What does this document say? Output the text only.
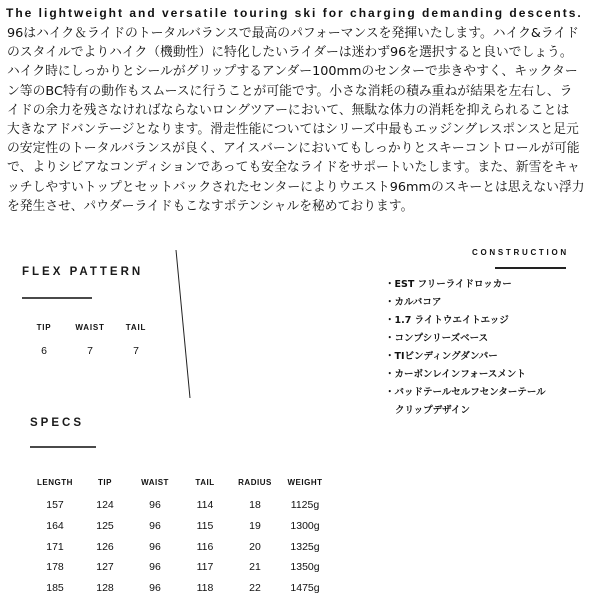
The lightweight and versatile touring ski for charging demanding descents.
96はハイク＆ライドのトータルバランスで最高のパフォーマンスを発揮いたします。ハイク&ライド
のスタイルでよりハイク（機動性）に特化したいライダーは迷わず96を選択すると良いでしょう。
ハイク時にしっかりとシールがグリップするアンダー100mmのセンターで歩きやすく、キックター
ン等のBC特有の動作もスムースに行うことが可能です。小さな消耗の積み重ねが結果を左右し、ラ
イドの余力を残さなければならないロングツアーにおいて、無駄な体力の消耗を抑えられることは
大きなアドバンテージとなります。滑走性能についてはシリーズ中最もエッジングレスポンスと足元
の安定性のトータルバランスが良く、アイスバーンにおいてもしっかりとスキーコントロールが可能
で、よりシビアなコンディションであっても安全なライドをサポートいたします。また、新雪をキャ
ッチしやすいトップとセットバックされたセンターによりウエスト96mmのスキーとは思えない浮力
を発生させ、パウダーライドもこなすポテンシャルを秘めております。
FLEX PATTERN
TIP	WAIST	TAIL
6	7	7
CONSTRUCTION
・EST フリーライドロッカー
・カルバコア
・1.7 ライトウエイトエッジ
・コンプシリーズベース
・TIビンディングダンパー
・カーボンレインフォースメント
・バッドテールセルフセンターテール
クリップデザイン
SPECS
LENGTH	TIP	WAIST	TAIL	RADIUS	WEIGHT
157	124	96	114	18	1125g
164	125	96	115	19	1300g
171	126	96	116	20	1325g
178	127	96	117	21	1350g
185	128	96	118	22	1475g
